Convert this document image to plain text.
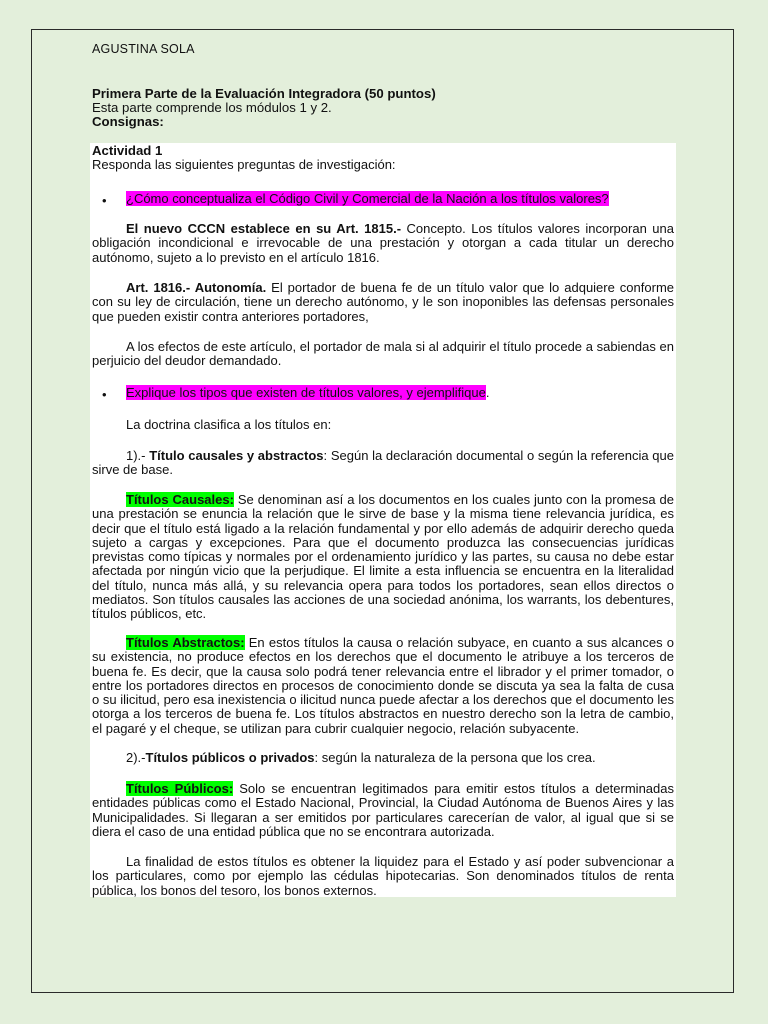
AGUSTINA SOLA
Primera Parte de la Evaluación Integradora (50 puntos)
Esta parte comprende los módulos 1 y 2.
Consignas:
Actividad 1
Responda las siguientes preguntas de investigación:
• ¿Cómo conceptualiza el Código Civil y Comercial de la Nación a los títulos valores?
El nuevo CCCN establece en su Art. 1815.- Concepto. Los títulos valores incorporan una obligación incondicional e irrevocable de una prestación y otorgan a cada titular un derecho autónomo, sujeto a lo previsto en el artículo 1816.
Art. 1816.- Autonomía. El portador de buena fe de un título valor que lo adquiere conforme con su ley de circulación, tiene un derecho autónomo, y le son inoponibles las defensas personales que pueden existir contra anteriores portadores,
A los efectos de este artículo, el portador de mala si al adquirir el título procede a sabiendas en perjuicio del deudor demandado.
• Explique los tipos que existen de títulos valores, y ejemplifique.
La doctrina clasifica a los títulos en:
1).- Título causales y abstractos: Según la declaración documental o según la referencia que sirve de base.
Títulos Causales: Se denominan así a los documentos en los cuales junto con la promesa de una prestación se enuncia la relación que le sirve de base y la misma tiene relevancia jurídica, es decir que el título está ligado a la relación fundamental y por ello además de adquirir derecho queda sujeto a cargas y excepciones. Para que el documento produzca las consecuencias jurídicas previstas como típicas y normales por el ordenamiento jurídico y las partes, su causa no debe estar afectada por ningún vicio que la perjudique. El limite a esta influencia se encuentra en la literalidad del título, nunca más allá, y su relevancia opera para todos los portadores, sean ellos directos o mediatos. Son títulos causales las acciones de una sociedad anónima, los warrants, los debentures, títulos públicos, etc.
Títulos Abstractos: En estos títulos la causa o relación subyace, en cuanto a sus alcances o su existencia, no produce efectos en los derechos que el documento le atribuye a los terceros de buena fe. Es decir, que la causa solo podrá tener relevancia entre el librador y el primer tomador, o entre los portadores directos en procesos de conocimiento donde se discuta ya sea la falta de cusa o su ilicitud, pero esa inexistencia o ilicitud nunca puede afectar a los derechos que el documento les otorga a los terceros de buena fe. Los títulos abstractos en nuestro derecho son la letra de cambio, el pagaré y el cheque, se utilizan para cubrir cualquier negocio, relación subyacente.
2).-Títulos públicos o privados: según la naturaleza de la persona que los crea.
Títulos Públicos: Solo se encuentran legitimados para emitir estos títulos a determinadas entidades públicas como el Estado Nacional, Provincial, la Ciudad Autónoma de Buenos Aires y las Municipalidades. Si llegaran a ser emitidos por particulares carecerían de valor, al igual que si se diera el caso de una entidad pública que no se encontrara autorizada.
La finalidad de estos títulos es obtener la liquidez para el Estado y así poder subvencionar a los particulares, como por ejemplo las cédulas hipotecarias. Son denominados títulos de renta pública, los bonos del tesoro, los bonos externos.
